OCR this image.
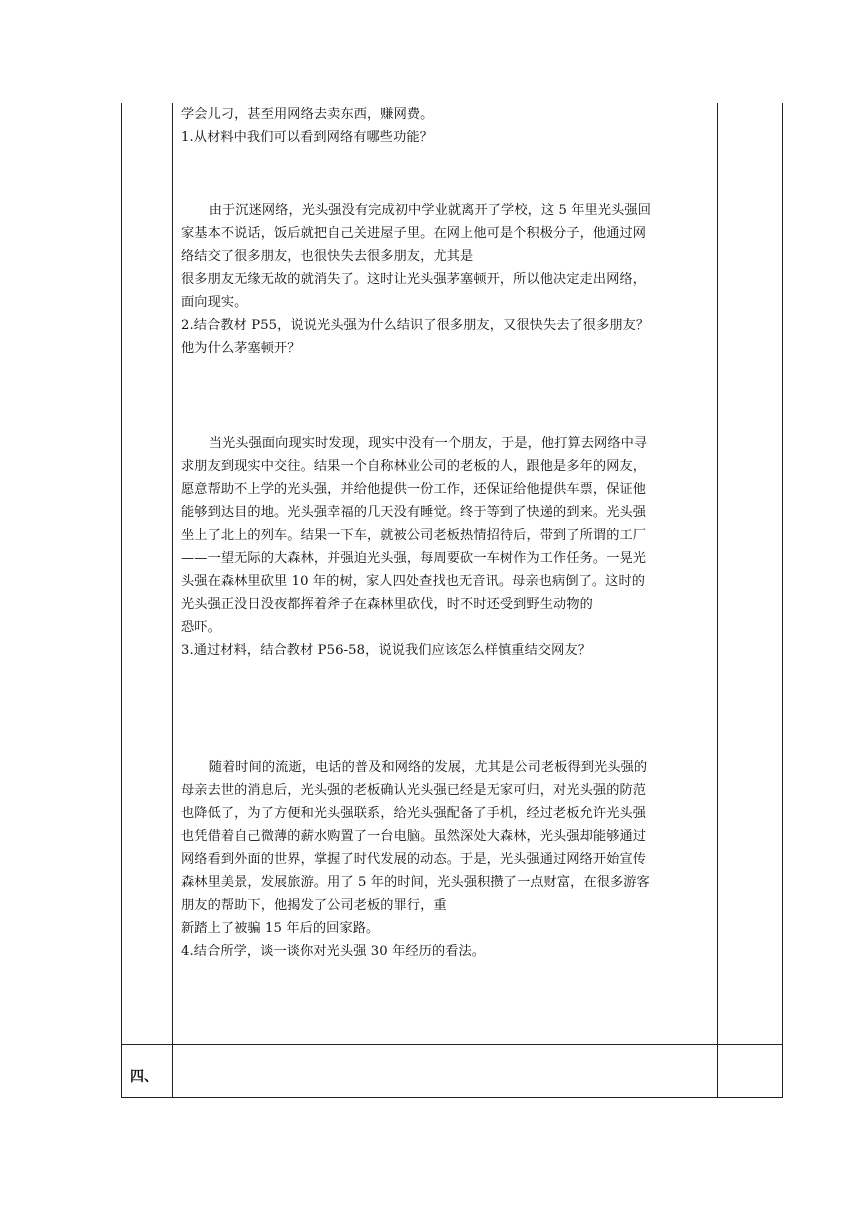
四、

学会儿刁，甚至用网络去卖东西，赚网费。

1.从材料中我们可以看到网络有哪些功能？

由于沉迷网络，光头强没有完成初中学业就离开了学校，这 5 年里光头强回

家基本不说话，饭后就把自己关进屋子里。在网上他可是个积极分子，他通过网

络结交了很多朋友，也很快失去很多朋友，尤其是

很多朋友无缘无故的就消失了。这时让光头强茅塞顿开，所以他决定走出网络，

面向现实。

2.结合教材 P55，说说光头强为什么结识了很多朋友，又很快失去了很多朋友？

他为什么茅塞顿开？

当光头强面向现实时发现，现实中没有一个朋友，于是，他打算去网络中寻

求朋友到现实中交往。结果一个自称林业公司的老板的人，跟他是多年的网友，

愿意帮助不上学的光头强，并给他提供一份工作，还保证给他提供车票，保证他

能够到达目的地。光头强幸福的几天没有睡觉。终于等到了快递的到来。光头强

坐上了北上的列车。结果一下车，就被公司老板热情招待后，带到了所谓的工厂

——一望无际的大森林，并强迫光头强，每周要砍一车树作为工作任务。一晃光

头强在森林里砍里 10 年的树，家人四处查找也无音讯。母亲也病倒了。这时的

光头强正没日没夜都挥着斧子在森林里砍伐，时不时还受到野生动物的

恐吓。

3.通过材料，结合教材 P56-58，说说我们应该怎么样慎重结交网友？

随着时间的流逝，电话的普及和网络的发展，尤其是公司老板得到光头强的

母亲去世的消息后，光头强的老板确认光头强已经是无家可归，对光头强的防范

也降低了，为了方便和光头强联系，给光头强配备了手机，经过老板允许光头强

也凭借着自己微薄的薪水购置了一台电脑。虽然深处大森林，光头强却能够通过

网络看到外面的世界，掌握了时代发展的动态。于是，光头强通过网络开始宣传

森林里美景，发展旅游。用了 5 年的时间，光头强积攒了一点财富，在很多游客

朋友的帮助下，他揭发了公司老板的罪行，重

新踏上了被骗 15 年后的回家路。

4.结合所学，谈一谈你对光头强 30 年经历的看法。
